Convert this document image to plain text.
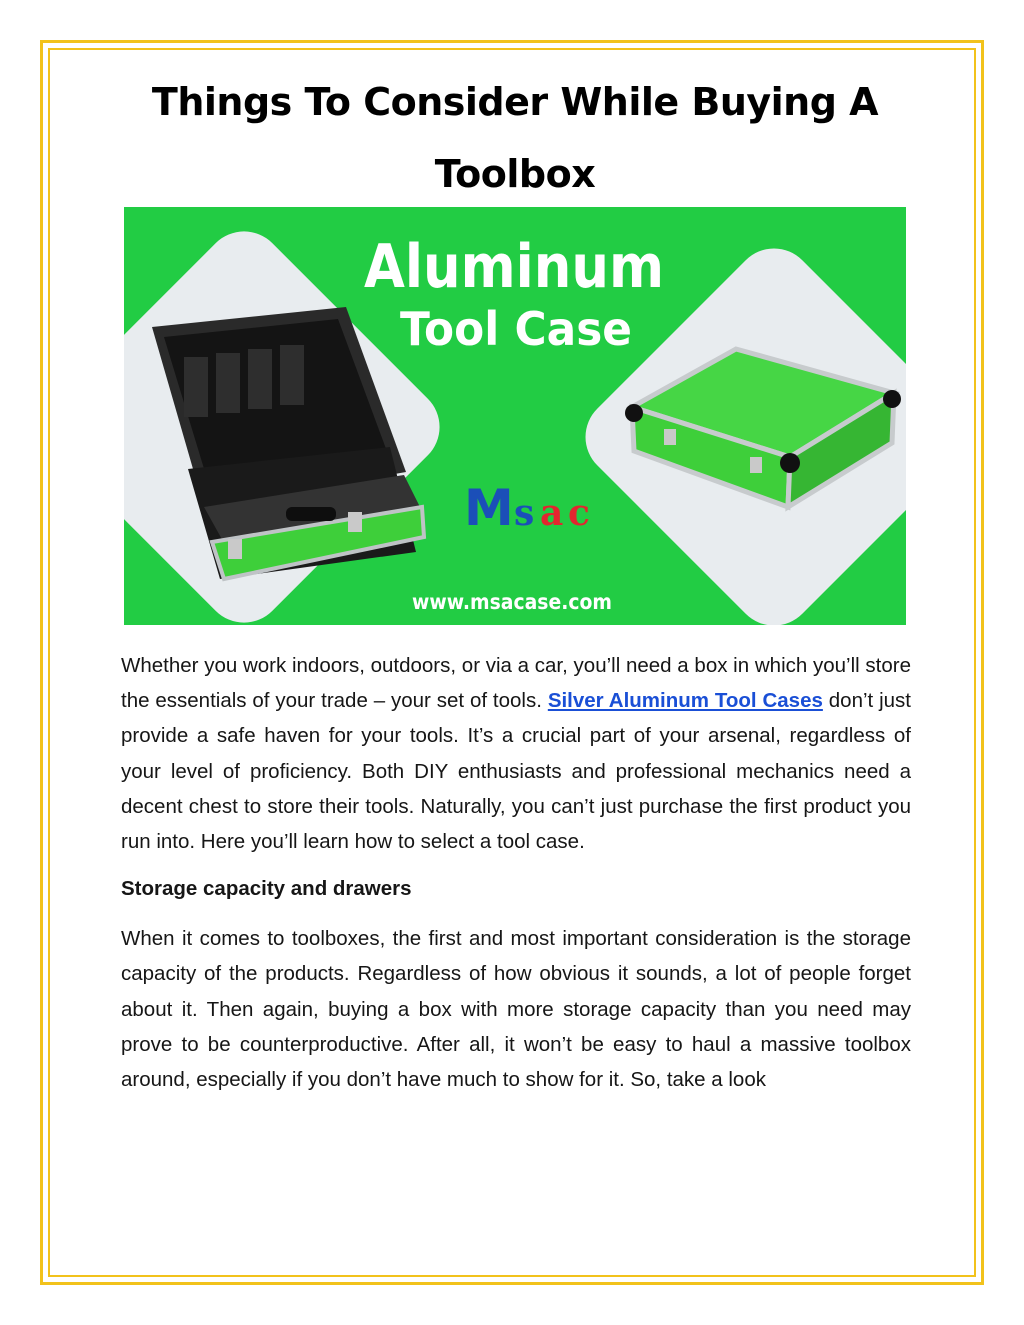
Things To Consider While Buying A Toolbox
Aluminum
Tool Case
M s a c
www.msacase.com

Whether you work indoors, outdoors, or via a car, you’ll need a box in which you’ll store the essentials of your trade – your set of tools. Silver Aluminum Tool Cases don’t just provide a safe haven for your tools. It’s a crucial part of your arsenal, regardless of your level of proficiency. Both DIY enthusiasts and professional mechanics need a decent chest to store their tools. Naturally, you can’t just purchase the first product you run into. Here you’ll learn how to select a tool case.

Storage capacity and drawers

When it comes to toolboxes, the first and most important consideration is the storage capacity of the products. Regardless of how obvious it sounds, a lot of people forget about it. Then again, buying a box with more storage capacity than you need may prove to be counterproductive. After all, it won’t be easy to haul a massive toolbox around, especially if you don’t have much to show for it. So, take a look
